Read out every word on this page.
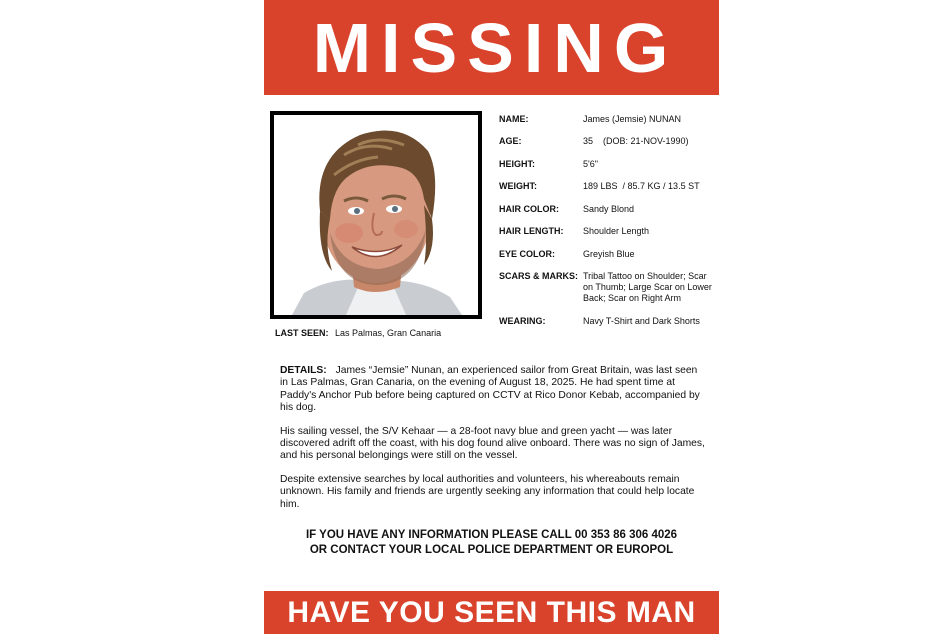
MISSING
LAST SEEN: Las Palmas, Gran Canaria
NAME:	James (Jemsie) NUNAN
AGE:	35    (DOB: 21-NOV-1990)
HEIGHT:	5'6"
WEIGHT:	189 LBS  / 85.7 KG / 13.5 ST
HAIR COLOR:	Sandy Blond
HAIR LENGTH:	Shoulder Length
EYE COLOR:	Greyish Blue
SCARS & MARKS: Tribal Tattoo on Shoulder; Scar on Thumb; Large Scar on Lower Back; Scar on Right Arm
WEARING:	Navy T-Shirt and Dark Shorts

DETAILS: James “Jemsie” Nunan, an experienced sailor from Great Britain, was last seen in Las Palmas, Gran Canaria, on the evening of August 18, 2025. He had spent time at Paddy's Anchor Pub before being captured on CCTV at Rico Donor Kebab, accompanied by his dog.

His sailing vessel, the S/V Kehaar — a 28-foot navy blue and green yacht — was later discovered adrift off the coast, with his dog found alive onboard. There was no sign of James, and his personal belongings were still on the vessel.

Despite extensive searches by local authorities and volunteers, his whereabouts remain unknown. His family and friends are urgently seeking any information that could help locate him.

IF YOU HAVE ANY INFORMATION PLEASE CALL 00 353 86 306 4026
OR CONTACT YOUR LOCAL POLICE DEPARTMENT OR EUROPOL
HAVE YOU SEEN THIS MAN
